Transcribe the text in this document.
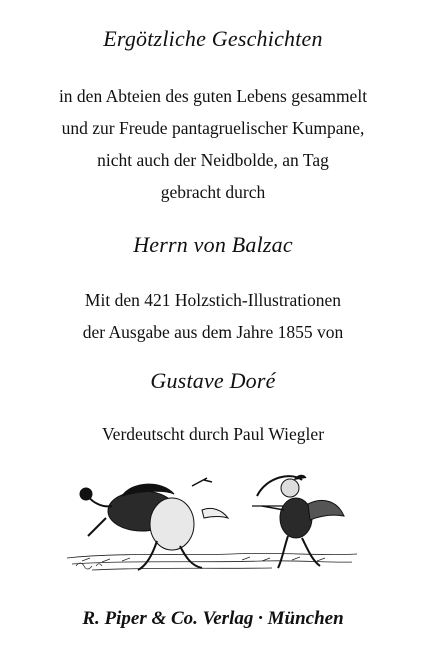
Ergötzliche Geschichten
in den Abteien des guten Lebens gesammelt
und zur Freude pantagruelischer Kumpane,
nicht auch der Neidbolde, an Tag
gebracht durch
Herrn von Balzac
Mit den 421 Holzstich-Illustrationen
der Ausgabe aus dem Jahre 1855 von
Gustave Doré
Verdeutscht durch Paul Wiegler
R. Piper & Co. Verlag · München
